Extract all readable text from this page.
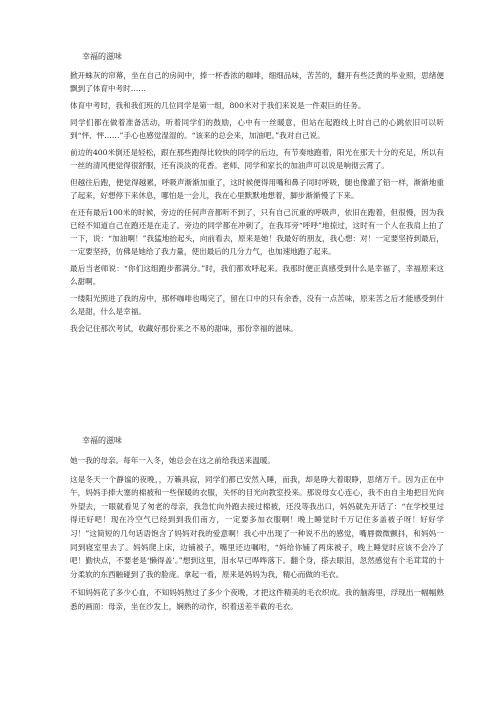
幸福的滋味

掀开蛛灰的帘幕，坐在自己的房间中，捧一杯香浓的咖啡，细细品味，苦苦的，翻开有些泛黄的毕业照，思绪便飘到了体育中考时……

体育中考时，我和我们班的几位同学是第一组，800米对于我们来说是一件艰巨的任务。

同学们都在做着准备活动，听着同学们的鼓励，心中有一丝暖意，但站在起跑线上时自己的心跳依旧可以听到“怦、怦……”手心也感觉湿湿的。“该来的总会来，加油吧。”我对自己说。

前边的400米倒还是轻松，跟在那些跑得比较快的同学的后边，有节奏地跑着，阳光在那天十分的充足，所以有一丝的清风便觉得很舒服，还有淡淡的花香。老师、同学和家长的加油声可以说是响彻云霄了。

但越往后跑，便觉得越累，呼吸声渐渐加重了，这时候便得用嘴和鼻子同时呼吸，腿也像灌了铅一样，渐渐地重了起来，好想停下来休息，哪怕是一会儿，我在心里默默地想着，脚步渐渐慢了下来。

在还有最后100米的时候，旁边的任何声音都听不到了，只有自己沉重的呼吸声，依旧在跑着，但很慢，因为我已经不知道自己在跑还是在走了。旁边的同学都在冲刺了，在我耳旁“呼呼”地掠过，这时有一个人在我肩上拍了一下，说：“加油啊！”我猛地抬起头，向前看去，原来是她！我最好的朋友，我心想：对！一定要坚持到最后，一定要坚持，仿佛是她给了我力量，使出最后的几分力气，也加速地跑了起来。

最后当老师说：“你们这组跑步都满分。”时，我们都欢呼起来。我那时便正真感受到什么是幸福了，幸福原来这么甜啊。

一缕阳光照进了我的房中，那杯咖啡也喝完了，留在口中的只有余香，没有一点苦味，原来苦之后才能感受到什么是甜，什么是幸福。

我会记住那次考试，收藏好那份来之不易的甜味，那份幸福的滋味。

幸福的滋味

她一我的母亲。每年一入冬，她总会在这之前给我送来温暖。

这是冬天一个静谧的夜晚，，万籁具寂，同学们都已安然入睡，而我，却是睁大着眼睁，思绪万千。因为正在中午，妈妈手捧大塞的棉被和一些保暖的衣服，关怀的目光向教室投来。那说母女心连心，我不由自主地把目光向外望去，一眼就看见了匆老的母亲，我急忙向外跑去接过棉被，还没等我出口，妈妈就先开话了：“在学校里过得还好吧！现在冷空气已经到到我们南方，一定要多加衣服啊！晚上睡觉时千万记住多盖被子呀！好好学习！”这简短的几句话语饱含了妈妈对我的爱意啊！我心中出现了一种说不出的感觉，嘴唇微微颤抖，和妈妈一同到寝室里去了。妈妈爬上床，边铺被子，嘴里还边嘱咐，“妈给你铺了两床被子，晚上睡觉时应该不会冷了吧！勤快点，不要老是‘懒得盖’。”想到这里，泪水早已哗哗落下。翻个身，搽去眼泪，忽然感觉有个毛茸茸的十分柔软的东西触碰到了我的脸庞。拿起一看，原来是妈妈为我，精心而做的毛衣。

不知妈妈花了多少心血，不知妈妈熬过了多少个夜晚，才把这件精美的毛衣织成。我的脑海里，浮现出一幅幅熟悉的画面：母亲，坐在沙发上，娴熟的动作，织着送差半截的毛衣。
